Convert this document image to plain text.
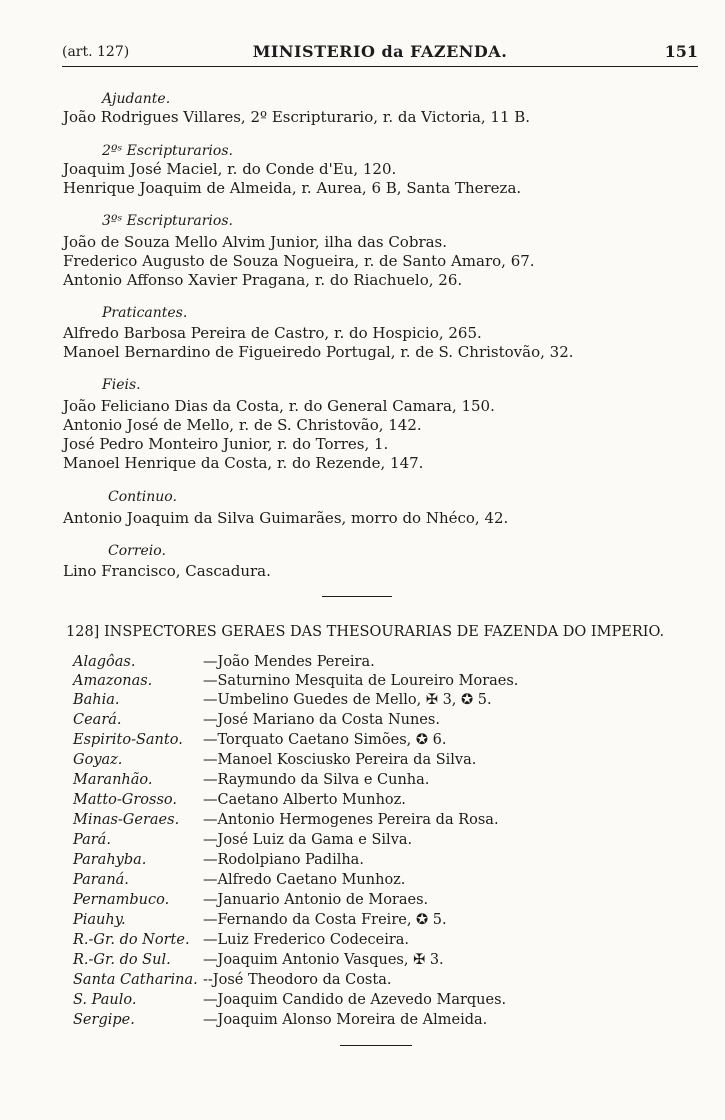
(art. 127)	MINISTERIO da FAZENDA.	151
Ajudante.
João Rodrigues Villares, 2º Escripturario, r. da Victoria, 11 B.
2ºˢ Escripturarios.
Joaquim José Maciel, r. do Conde d'Eu, 120.
Henrique Joaquim de Almeida, r. Aurea, 6 B, Santa Thereza.
3ºˢ Escripturarios.
João de Souza Mello Alvim Junior, ilha das Cobras.
Frederico Augusto de Souza Nogueira, r. de Santo Amaro, 67.
Antonio Affonso Xavier Pragana, r. do Riachuelo, 26.
Praticantes.
Alfredo Barbosa Pereira de Castro, r. do Hospicio, 265.
Manoel Bernardino de Figueiredo Portugal, r. de S. Christovão, 32.
Fieis.
João Feliciano Dias da Costa, r. do General Camara, 150.
Antonio José de Mello, r. de S. Christovão, 142.
José Pedro Monteiro Junior, r. do Torres, 1.
Manoel Henrique da Costa, r. do Rezende, 147.
Continuo.
Antonio Joaquim da Silva Guimarães, morro do Nhéco, 42.
Correio.
Lino Francisco, Cascadura.
128] INSPECTORES GERAES DAS THESOURARIAS DE FAZENDA DO IMPERIO.
Alagôas.	—João Mendes Pereira.
Amazonas.	—Saturnino Mesquita de Loureiro Moraes.
Bahia.	—Umbelino Guedes de Mello, ✠ 3, ✪ 5.
Ceará.	—José Mariano da Costa Nunes.
Espirito-Santo. —Torquato Caetano Simões, ✪ 6.
Goyaz.	—Manoel Kosciusko Pereira da Silva.
Maranhão.	—Raymundo da Silva e Cunha.
Matto-Grosso. —Caetano Alberto Munhoz.
Minas-Geraes. —Antonio Hermogenes Pereira da Rosa.
Pará.	—José Luiz da Gama e Silva.
Parahyba.	—Rodolpiano Padilha.
Paraná.	—Alfredo Caetano Munhoz.
Pernambuco. —Januario Antonio de Moraes.
Piauhy.	—Fernando da Costa Freire, ✪ 5.
R.-Gr. do Norte. —Luiz Frederico Codeceira.
R.-Gr. do Sul. —Joaquim Antonio Vasques, ✠ 3.
Santa Catharina. --José Theodoro da Costa.
S. Paulo.	—Joaquim Candido de Azevedo Marques.
Sergipe.	—Joaquim Alonso Moreira de Almeida.
